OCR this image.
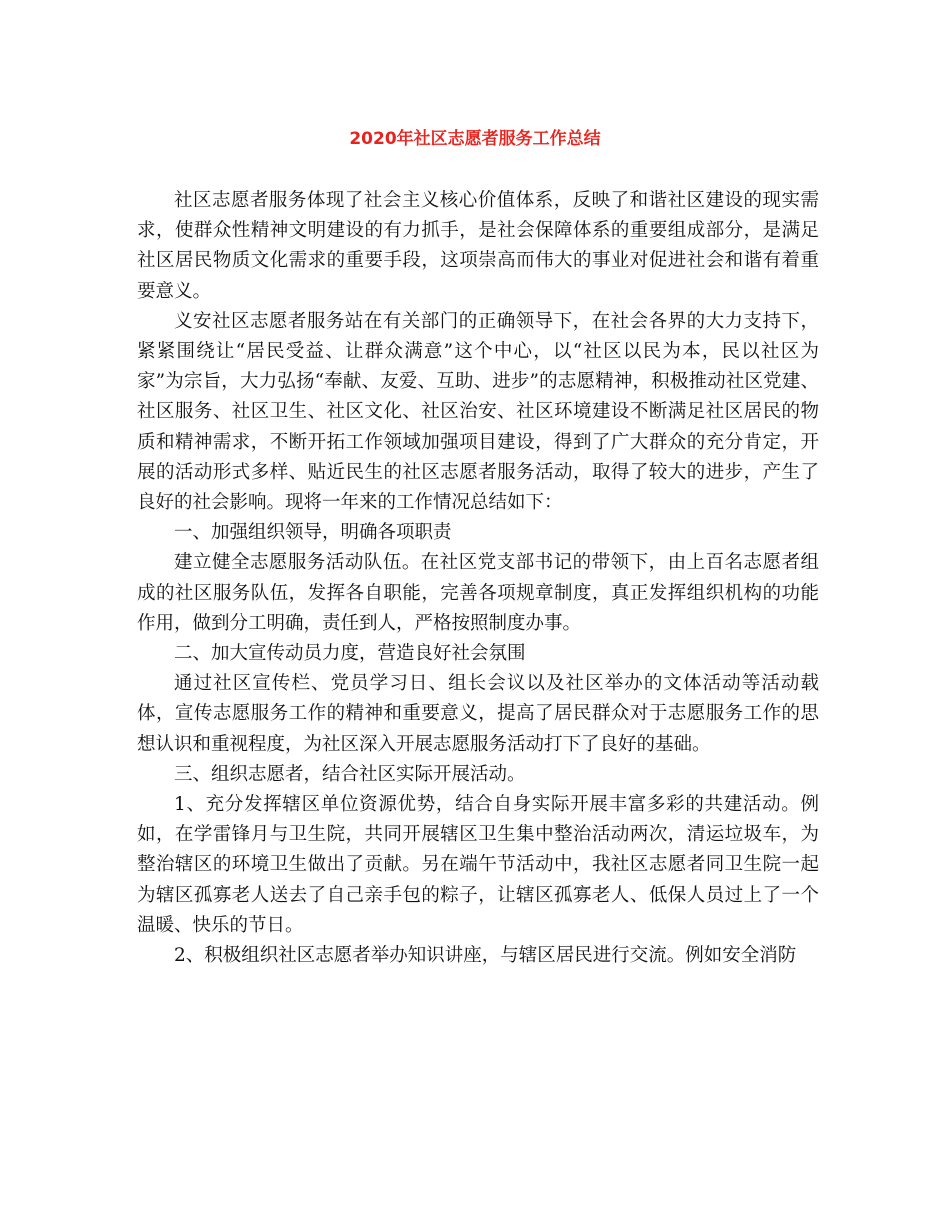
2020年社区志愿者服务工作总结

社区志愿者服务体现了社会主义核心价值体系，反映了和谐社区建设的现实需求，使群众性精神文明建设的有力抓手，是社会保障体系的重要组成部分，是满足社区居民物质文化需求的重要手段，这项崇高而伟大的事业对促进社会和谐有着重要意义。

义安社区志愿者服务站在有关部门的正确领导下，在社会各界的大力支持下，紧紧围绕让“居民受益、让群众满意”这个中心，以“社区以民为本，民以社区为家”为宗旨，大力弘扬“奉献、友爱、互助、进步”的志愿精神，积极推动社区党建、社区服务、社区卫生、社区文化、社区治安、社区环境建设不断满足社区居民的物质和精神需求，不断开拓工作领域加强项目建设，得到了广大群众的充分肯定，开展的活动形式多样、贴近民生的社区志愿者服务活动，取得了较大的进步，产生了良好的社会影响。现将一年来的工作情况总结如下：

一、加强组织领导，明确各项职责

建立健全志愿服务活动队伍。在社区党支部书记的带领下，由上百名志愿者组成的社区服务队伍，发挥各自职能，完善各项规章制度，真正发挥组织机构的功能作用，做到分工明确，责任到人，严格按照制度办事。

二、加大宣传动员力度，营造良好社会氛围

通过社区宣传栏、党员学习日、组长会议以及社区举办的文体活动等活动载体，宣传志愿服务工作的精神和重要意义，提高了居民群众对于志愿服务工作的思想认识和重视程度，为社区深入开展志愿服务活动打下了良好的基础。

三、组织志愿者，结合社区实际开展活动。

1、充分发挥辖区单位资源优势，结合自身实际开展丰富多彩的共建活动。例如，在学雷锋月与卫生院，共同开展辖区卫生集中整治活动两次，清运垃圾车，为整治辖区的环境卫生做出了贡献。另在端午节活动中，我社区志愿者同卫生院一起为辖区孤寡老人送去了自己亲手包的粽子，让辖区孤寡老人、低保人员过上了一个温暖、快乐的节日。

2、积极组织社区志愿者举办知识讲座，与辖区居民进行交流。例如安全消防
